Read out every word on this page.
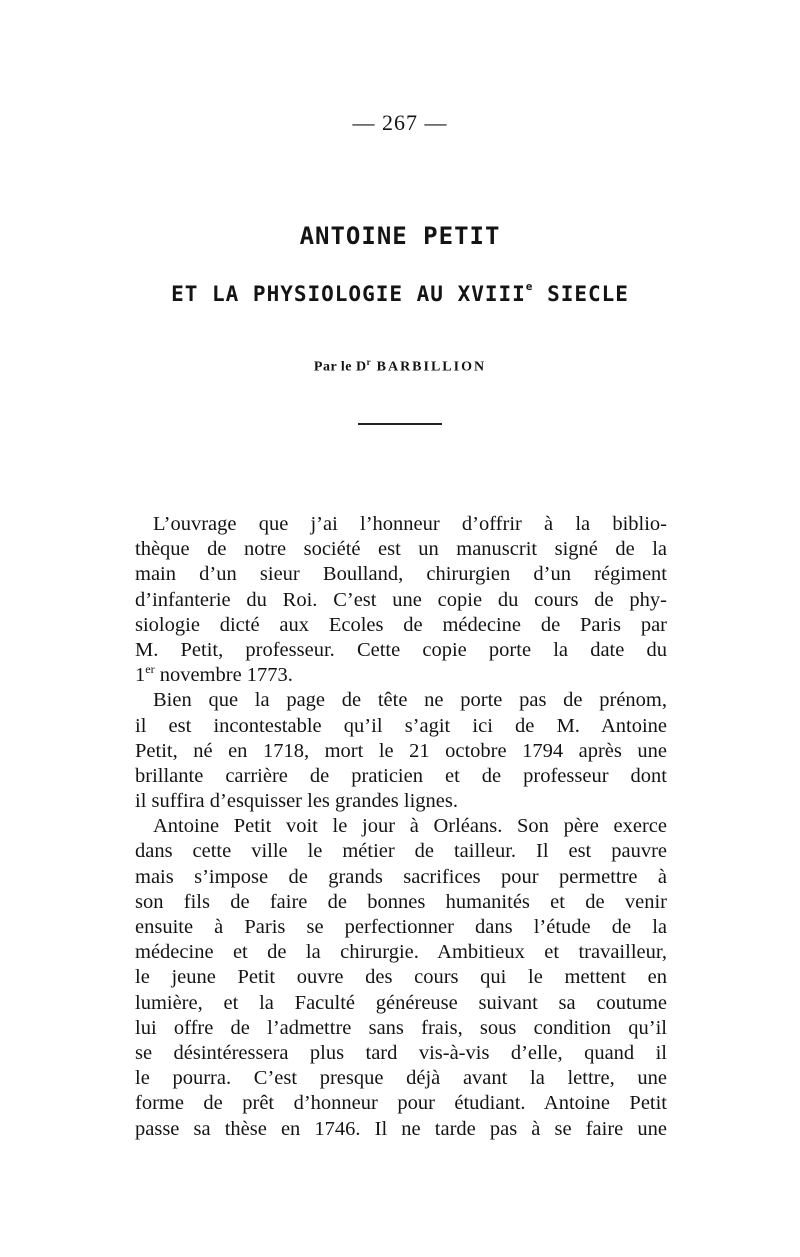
— 267 —
ANTOINE PETIT
ET LA PHYSIOLOGIE AU XVIIIe SIECLE
Par le $D^r$ BARBILLION
L’ouvrage que j’ai l’honneur d’offrir à la biblio-
thèque de notre société est un manuscrit signé de la
main d’un sieur Boulland, chirurgien d’un régiment
d’infanterie du Roi. C’est une copie du cours de phy-
siologie dicté aux Ecoles de médecine de Paris par
M. Petit, professeur. Cette copie porte la date du
1er novembre 1773.
Bien que la page de tête ne porte pas de prénom,
il est incontestable qu’il s’agit ici de M. Antoine
Petit, né en 1718, mort le 21 octobre 1794 après une
brillante carrière de praticien et de professeur dont
il suffira d’esquisser les grandes lignes.
Antoine Petit voit le jour à Orléans. Son père exerce
dans cette ville le métier de tailleur. Il est pauvre
mais s’impose de grands sacrifices pour permettre à
son fils de faire de bonnes humanités et de venir
ensuite à Paris se perfectionner dans l’étude de la
médecine et de la chirurgie. Ambitieux et travailleur,
le jeune Petit ouvre des cours qui le mettent en
lumière, et la Faculté généreuse suivant sa coutume
lui offre de l’admettre sans frais, sous condition qu’il
se désintéressera plus tard vis-à-vis d’elle, quand il
le pourra. C’est presque déjà avant la lettre, une
forme de prêt d’honneur pour étudiant. Antoine Petit
passe sa thèse en 1746. Il ne tarde pas à se faire une
